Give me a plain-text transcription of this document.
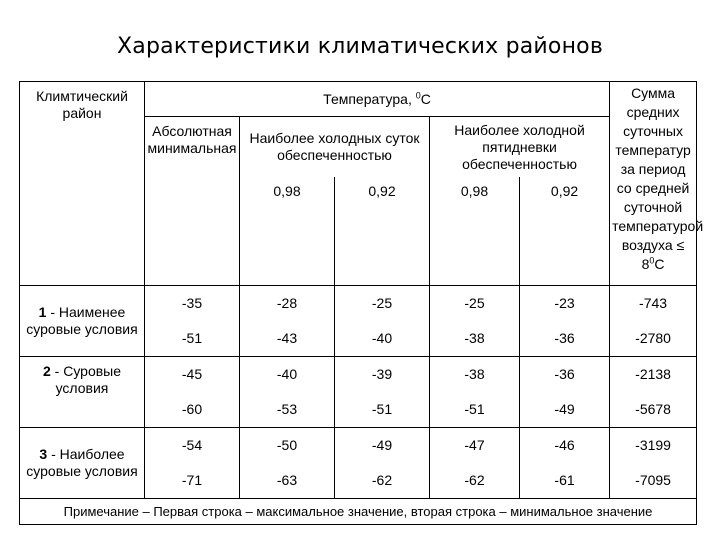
Характеристики климатических районов
Климтический район	Температура, $^0$С					Сумма средних суточных температур за период со средней суточной температурой воздуха ≤ $8^0С$
	Абсолютная минимальная	Наиболее холодных суток обеспеченностью		Наиболее холодной пятидневки обеспеченностью		
		0,98	0,92	0,98	0,92	
1 - Наименее суровые условия	-35	-28	-25	-25	-23	-743
	-51	-43	-40	-38	-36	-2780
2 - Суровые условия	-45	-40	-39	-38	-36	-2138
	-60	-53	-51	-51	-49	-5678
3 - Наиболее суровые условия	-54	-50	-49	-47	-46	-3199
	-71	-63	-62	-62	-61	-7095
Примечание – Первая строка – максимальное значение, вторая строка – минимальное значение						
